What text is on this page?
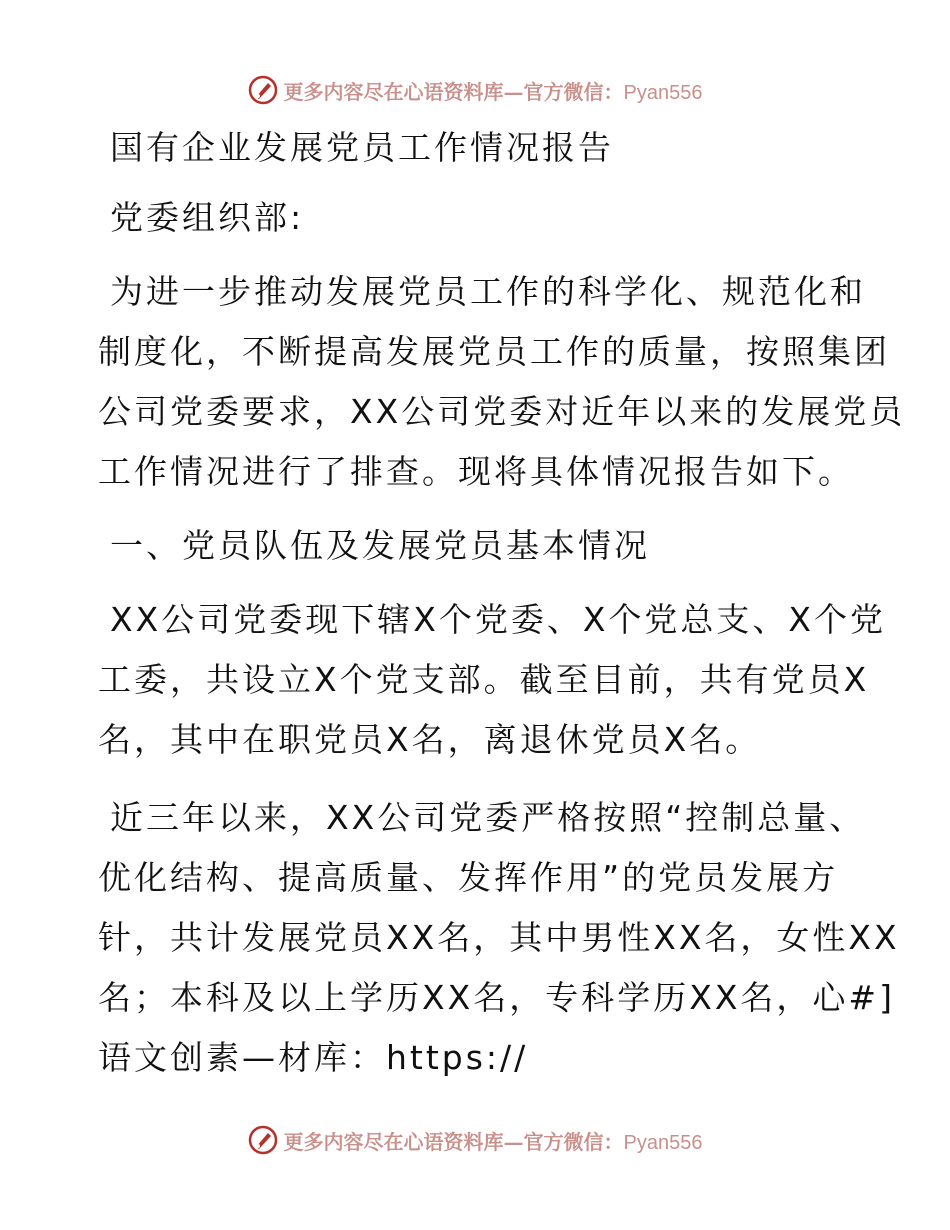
更多内容尽在心语资料库—官方微信：Pyan556

国有企业发展党员工作情况报告

党委组织部:

为进一步推动发展党员工作的科学化、规范化和

制度化，不断提高发展党员工作的质量，按照集团

公司党委要求，XX公司党委对近年以来的发展党员

工作情况进行了排查。现将具体情况报告如下。

一、党员队伍及发展党员基本情况

XX公司党委现下辖X个党委、X个党总支、X个党

工委，共设立X个党支部。截至目前，共有党员X

名，其中在职党员X名，离退休党员X名。

近三年以来，XX公司党委严格按照“控制总量、

优化结构、提高质量、发挥作用”的党员发展方

针，共计发展党员XX名，其中男性XX名，女性XX

名；本科及以上学历XX名，专科学历XX名，心#]

语文创素—材库：https://

更多内容尽在心语资料库—官方微信：Pyan556
